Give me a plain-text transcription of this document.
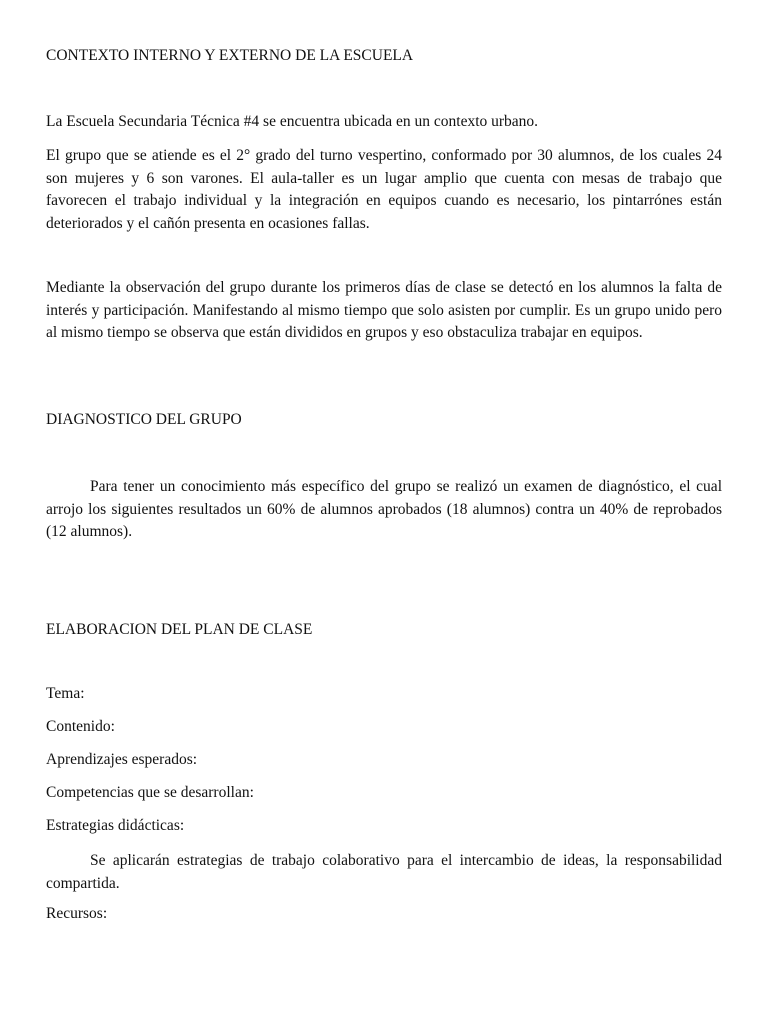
CONTEXTO INTERNO Y EXTERNO DE LA ESCUELA
La Escuela Secundaria Técnica #4 se encuentra ubicada en un contexto urbano.

El grupo que se atiende es el 2° grado del turno vespertino, conformado por 30 alumnos, de los cuales 24 son mujeres y 6 son varones. El aula-taller es un lugar amplio que cuenta con mesas de trabajo que favorecen el trabajo individual y la integración en equipos cuando es necesario, los pintarrónes están deteriorados y el cañón presenta en ocasiones fallas.

Mediante la observación del grupo durante los primeros días de clase se detectó en los alumnos la falta de interés y participación. Manifestando al mismo tiempo que solo asisten por cumplir. Es un grupo unido pero al mismo tiempo se observa que están divididos en grupos y eso obstaculiza trabajar en equipos.

DIAGNOSTICO DEL GRUPO

Para tener un conocimiento más específico del grupo se realizó un examen de diagnóstico, el cual arrojo los siguientes resultados un 60% de alumnos aprobados (18 alumnos) contra un 40% de reprobados (12 alumnos).

ELABORACION DEL PLAN DE CLASE
Tema:
Contenido:
Aprendizajes esperados:
Competencias que se desarrollan:
Estrategias didácticas:

Se aplicarán estrategias de trabajo colaborativo para el intercambio de ideas, la responsabilidad compartida.

Recursos:
